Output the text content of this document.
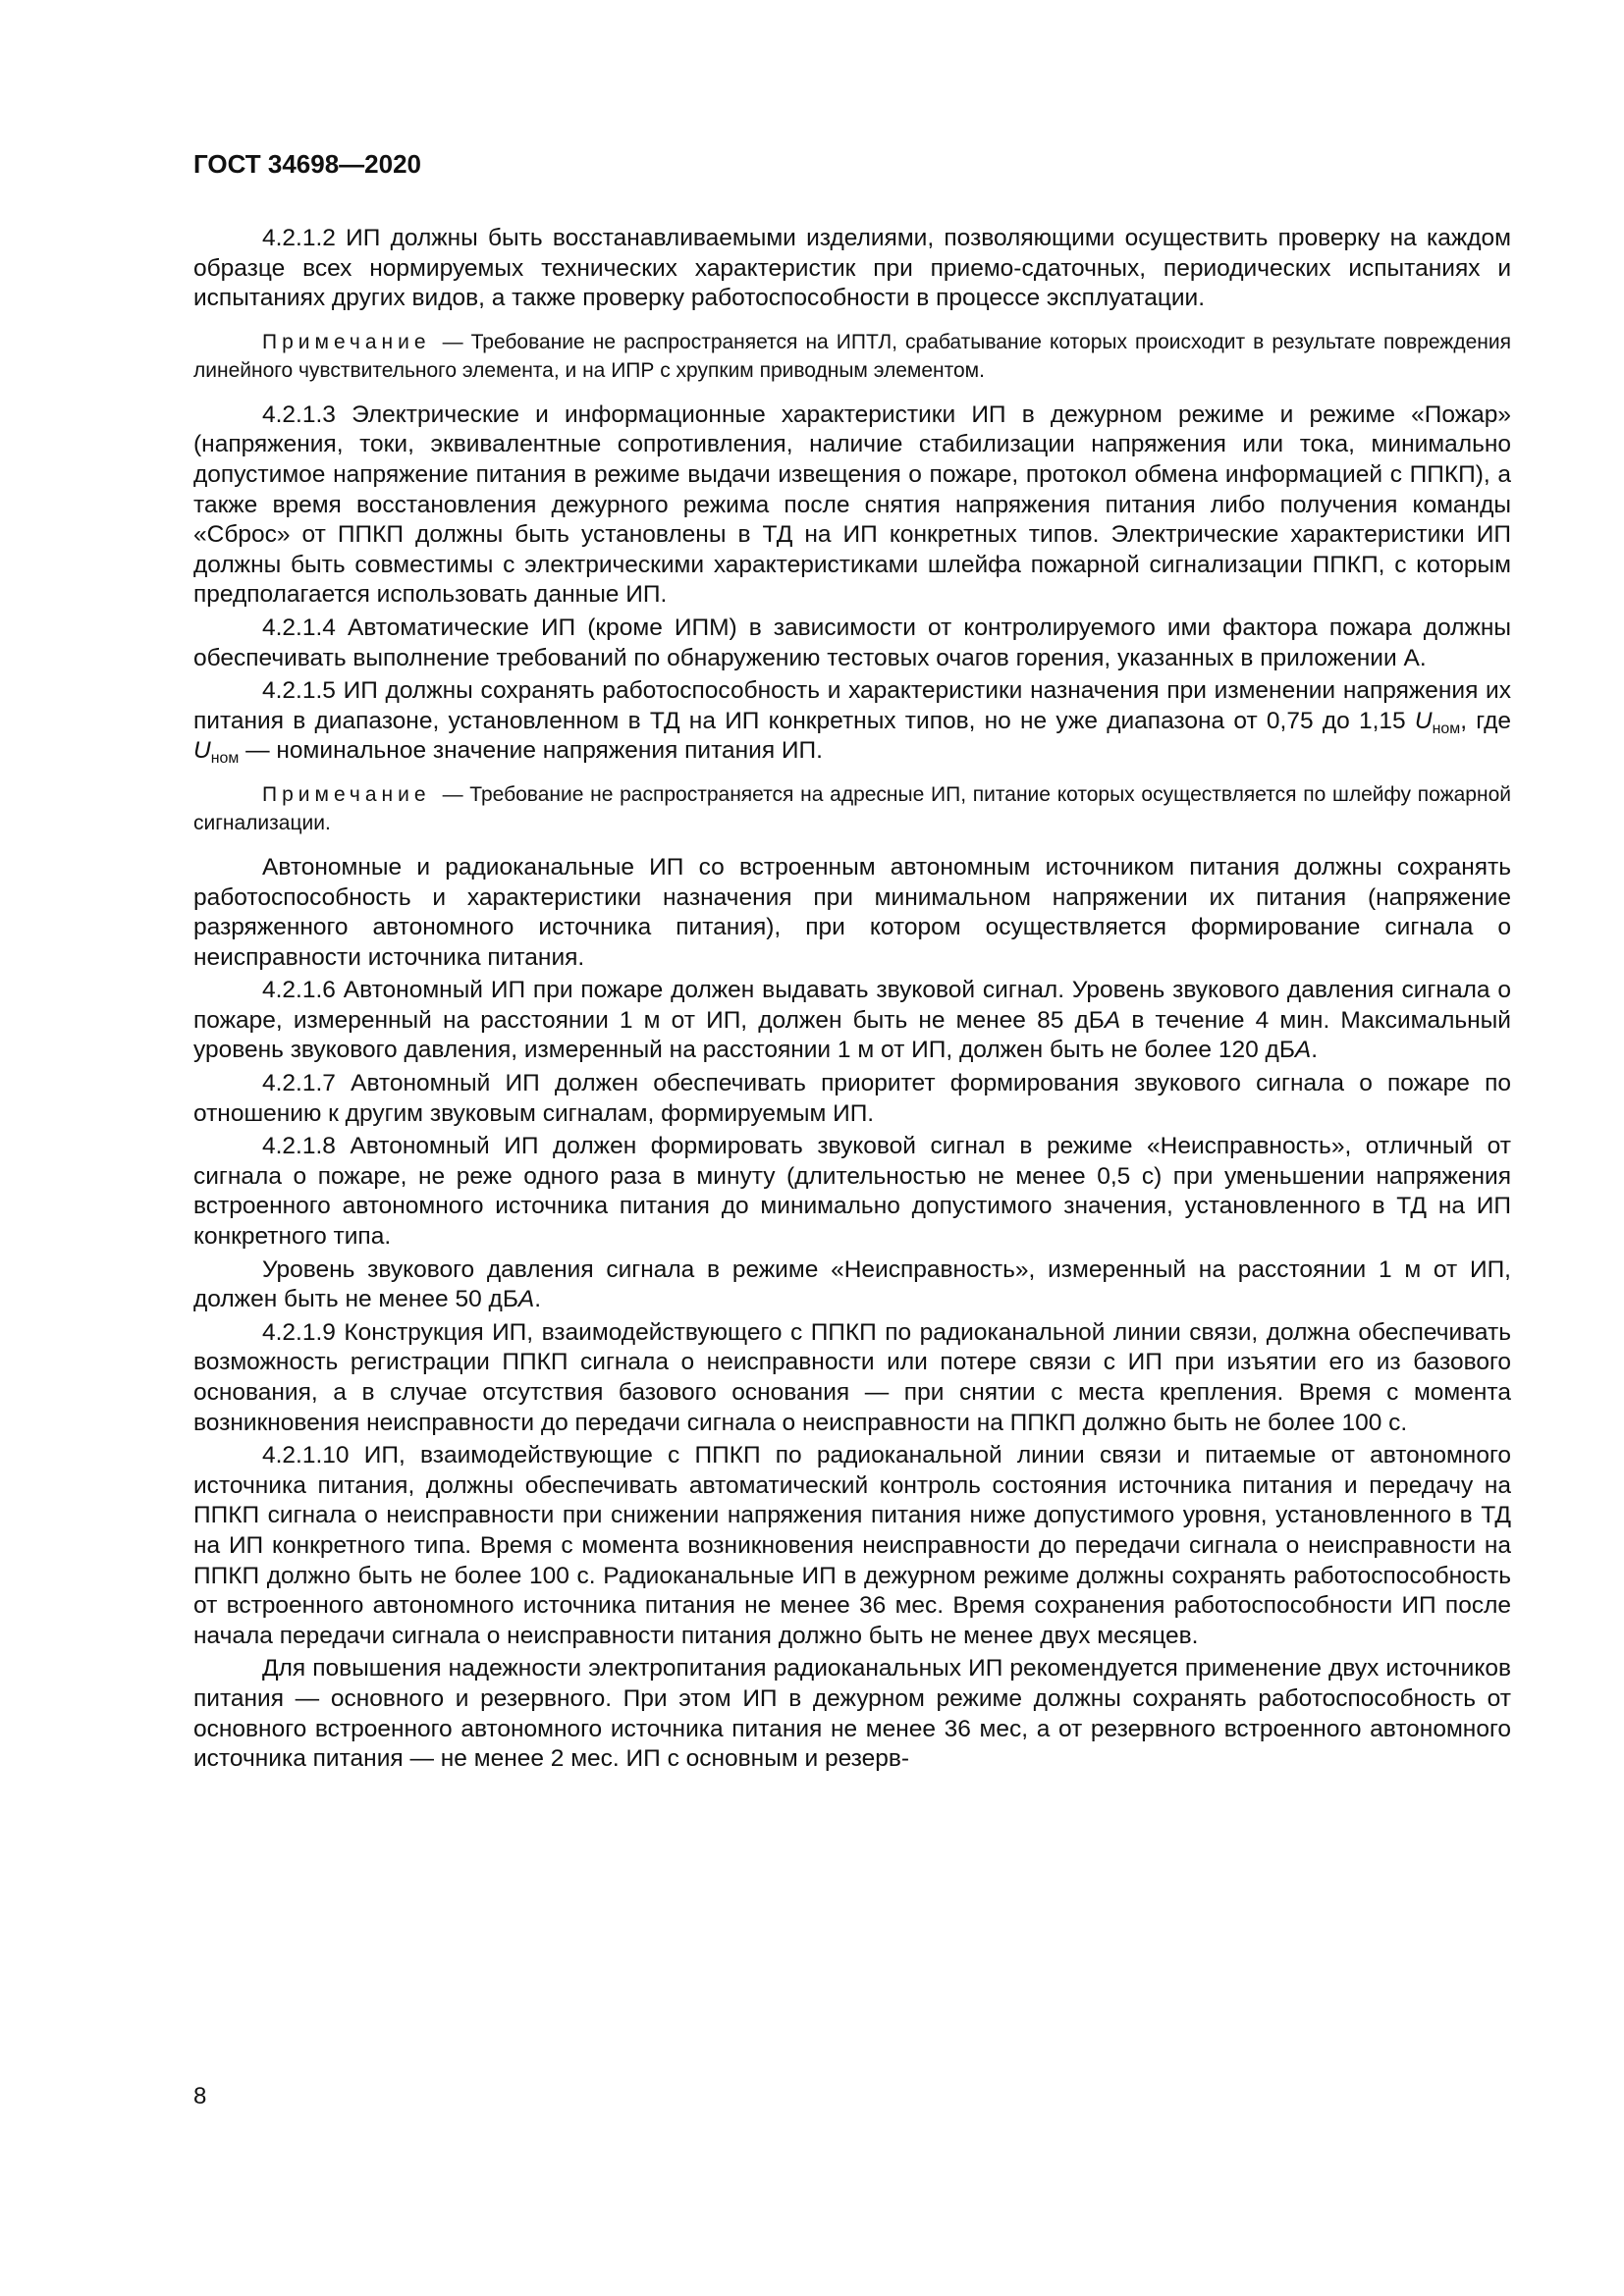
ГОСТ 34698—2020

4.2.1.2 ИП должны быть восстанавливаемыми изделиями, позволяющими осуществить проверку на каждом образце всех нормируемых технических характеристик при приемо-сдаточных, периодических испытаниях и испытаниях других видов, а также проверку работоспособности в процессе эксплуатации.

Примечание — Требование не распространяется на ИПТЛ, срабатывание которых происходит в результате повреждения линейного чувствительного элемента, и на ИПР с хрупким приводным элементом.

4.2.1.3 Электрические и информационные характеристики ИП в дежурном режиме и режиме «Пожар» (напряжения, токи, эквивалентные сопротивления, наличие стабилизации напряжения или тока, минимально допустимое напряжение питания в режиме выдачи извещения о пожаре, протокол обмена информацией с ППКП), а также время восстановления дежурного режима после снятия напряжения питания либо получения команды «Сброс» от ППКП должны быть установлены в ТД на ИП конкретных типов. Электрические характеристики ИП должны быть совместимы с электрическими характеристиками шлейфа пожарной сигнализации ППКП, с которым предполагается использовать данные ИП.

4.2.1.4 Автоматические ИП (кроме ИПМ) в зависимости от контролируемого ими фактора пожара должны обеспечивать выполнение требований по обнаружению тестовых очагов горения, указанных в приложении А.

4.2.1.5 ИП должны сохранять работоспособность и характеристики назначения при изменении напряжения их питания в диапазоне, установленном в ТД на ИП конкретных типов, но не уже диапазона от 0,75 до 1,15 $U_{ном}$, где $U_{ном}$ — номинальное значение напряжения питания ИП.

Примечание — Требование не распространяется на адресные ИП, питание которых осуществляется по шлейфу пожарной сигнализации.

Автономные и радиоканальные ИП со встроенным автономным источником питания должны сохранять работоспособность и характеристики назначения при минимальном напряжении их питания (напряжение разряженного автономного источника питания), при котором осуществляется формирование сигнала о неисправности источника питания.

4.2.1.6 Автономный ИП при пожаре должен выдавать звуковой сигнал. Уровень звукового давления сигнала о пожаре, измеренный на расстоянии 1 м от ИП, должен быть не менее 85 дБА в течение 4 мин. Максимальный уровень звукового давления, измеренный на расстоянии 1 м от ИП, должен быть не более 120 дБА.

4.2.1.7 Автономный ИП должен обеспечивать приоритет формирования звукового сигнала о пожаре по отношению к другим звуковым сигналам, формируемым ИП.

4.2.1.8 Автономный ИП должен формировать звуковой сигнал в режиме «Неисправность», отличный от сигнала о пожаре, не реже одного раза в минуту (длительностью не менее 0,5 с) при уменьшении напряжения встроенного автономного источника питания до минимально допустимого значения, установленного в ТД на ИП конкретного типа.

Уровень звукового давления сигнала в режиме «Неисправность», измеренный на расстоянии 1 м от ИП, должен быть не менее 50 дБА.

4.2.1.9 Конструкция ИП, взаимодействующего с ППКП по радиоканальной линии связи, должна обеспечивать возможность регистрации ППКП сигнала о неисправности или потере связи с ИП при изъятии его из базового основания, а в случае отсутствия базового основания — при снятии с места крепления. Время с момента возникновения неисправности до передачи сигнала о неисправности на ППКП должно быть не более 100 с.

4.2.1.10 ИП, взаимодействующие с ППКП по радиоканальной линии связи и питаемые от автономного источника питания, должны обеспечивать автоматический контроль состояния источника питания и передачу на ППКП сигнала о неисправности при снижении напряжения питания ниже допустимого уровня, установленного в ТД на ИП конкретного типа. Время с момента возникновения неисправности до передачи сигнала о неисправности на ППКП должно быть не более 100 с. Радиоканальные ИП в дежурном режиме должны сохранять работоспособность от встроенного автономного источника питания не менее 36 мес. Время сохранения работоспособности ИП после начала передачи сигнала о неисправности питания должно быть не менее двух месяцев.

Для повышения надежности электропитания радиоканальных ИП рекомендуется применение двух источников питания — основного и резервного. При этом ИП в дежурном режиме должны сохранять работоспособность от основного встроенного автономного источника питания не менее 36 мес, а от резервного встроенного автономного источника питания — не менее 2 мес. ИП с основным и резерв-

8
